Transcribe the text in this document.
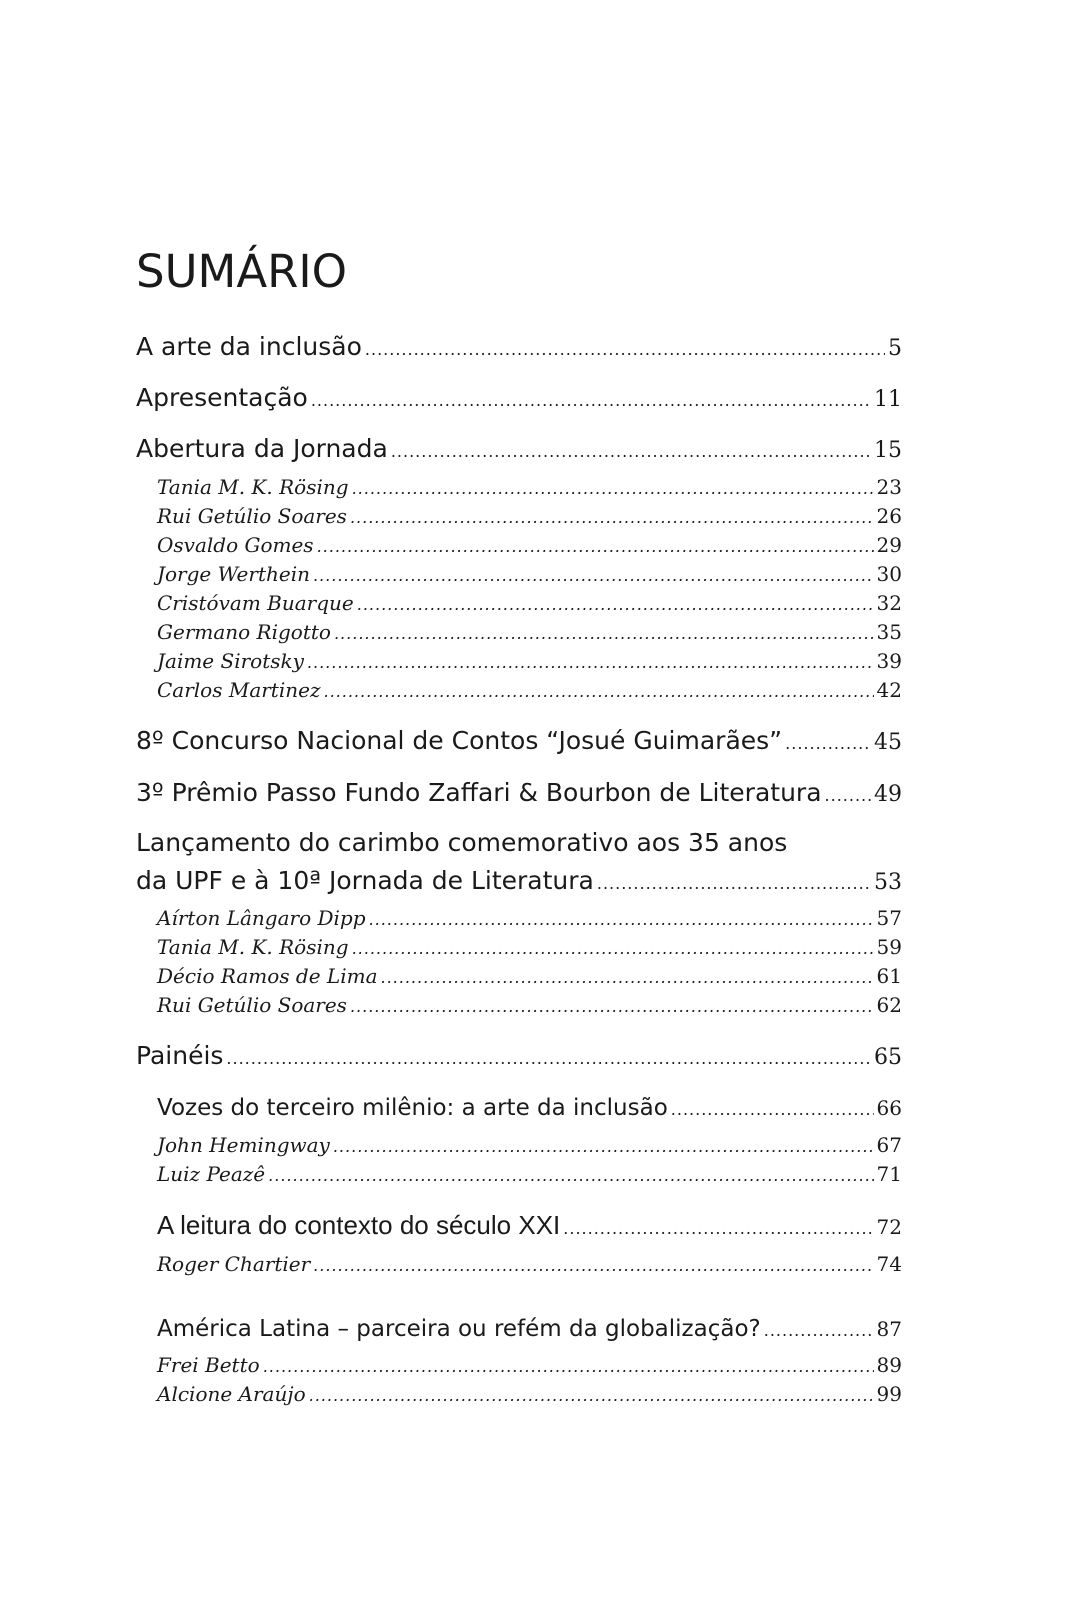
SUMÁRIO
A arte da inclusão .....	5
Apresentação .....	11
Abertura da Jornada .....	15
Tania M. K. Rösing .....	23
Rui Getúlio Soares .....	26
Osvaldo Gomes .....	29
Jorge Werthein .....	30
Cristóvam Buarque .....	32
Germano Rigotto .....	35
Jaime Sirotsky .....	39
Carlos Martinez .....	42
8º Concurso Nacional de Contos “Josué Guimarães” .....	45
3º Prêmio Passo Fundo Zaffari & Bourbon de Literatura ..... 49
Lançamento do carimbo comemorativo aos 35 anos
da UPF e à 10ª Jornada de Literatura .....	53
Aírton Lângaro Dipp .....	57
Tania M. K. Rösing .....	59
Décio Ramos de Lima .....	61
Rui Getúlio Soares .....	62
Painéis .....	65
Vozes do terceiro milênio: a arte da inclusão .....	66
John Hemingway .....	67
Luiz Peazê .....	71
A leitura do contexto do século XXI .....	72
Roger Chartier .....	74
América Latina – parceira ou refém da globalização? .....	87
Frei Betto .....	89
Alcione Araújo .....	99
